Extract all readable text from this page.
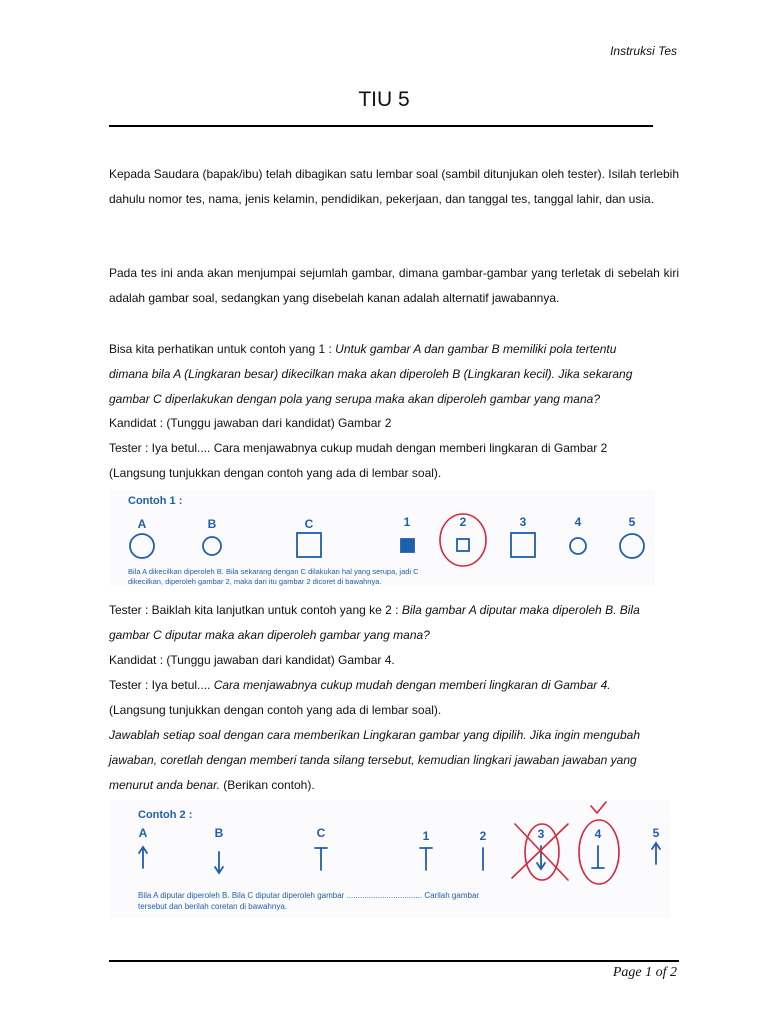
Instruksi Tes
TIU 5
Kepada Saudara (bapak/ibu) telah dibagikan satu lembar soal (sambil ditunjukan oleh tester). Isilah terlebih dahulu nomor tes, nama, jenis kelamin, pendidikan, pekerjaan, dan tanggal tes, tanggal lahir, dan usia.
Pada tes ini anda akan menjumpai sejumlah gambar, dimana gambar-gambar yang terletak di sebelah kiri adalah gambar soal, sedangkan yang disebelah kanan adalah alternatif jawabannya.
Bisa kita perhatikan untuk contoh yang 1 : Untuk gambar A dan gambar B memiliki pola tertentu
dimana bila A (Lingkaran besar) dikecilkan maka akan diperoleh B (Lingkaran kecil). Jika sekarang
gambar C diperlakukan dengan pola yang serupa maka akan diperoleh gambar yang mana?
Kandidat : (Tunggu jawaban dari kandidat) Gambar 2
Tester : Iya betul.... Cara menjawabnya cukup mudah dengan memberi lingkaran di Gambar 2
(Langsung tunjukkan dengan contoh yang ada di lembar soal).
Contoh 1 :
A	B	C	1	2	3	4	5
Bila A dikecilkan diperoleh B. Bila sekarang dengan C dilakukan hal yang serupa, jadi C
dikecilkan, diperoleh gambar 2, maka dari itu gambar 2 dicoret di bawahnya.
Tester : Baiklah kita lanjutkan untuk contoh yang ke 2 : Bila gambar A diputar maka diperoleh B. Bila
gambar C diputar maka akan diperoleh gambar yang mana?
Kandidat : (Tunggu jawaban dari kandidat) Gambar 4.
Tester : Iya betul.... Cara menjawabnya cukup mudah dengan memberi lingkaran di Gambar 4.
(Langsung tunjukkan dengan contoh yang ada di lembar soal).
Jawablah setiap soal dengan cara memberikan Lingkaran gambar yang dipilih. Jika ingin mengubah
jawaban, coretlah dengan memberi tanda silang tersebut, kemudian lingkari jawaban jawaban yang
menurut anda benar. (Berikan contoh).
Contoh 2 :
A	B	C	1	2	3	4	5
Bila A diputar diperoleh B. Bila C diputar diperoleh gambar .................................. Carilah gambar
tersebut dan berilah coretan di bawahnya.
Page 1 of 2
